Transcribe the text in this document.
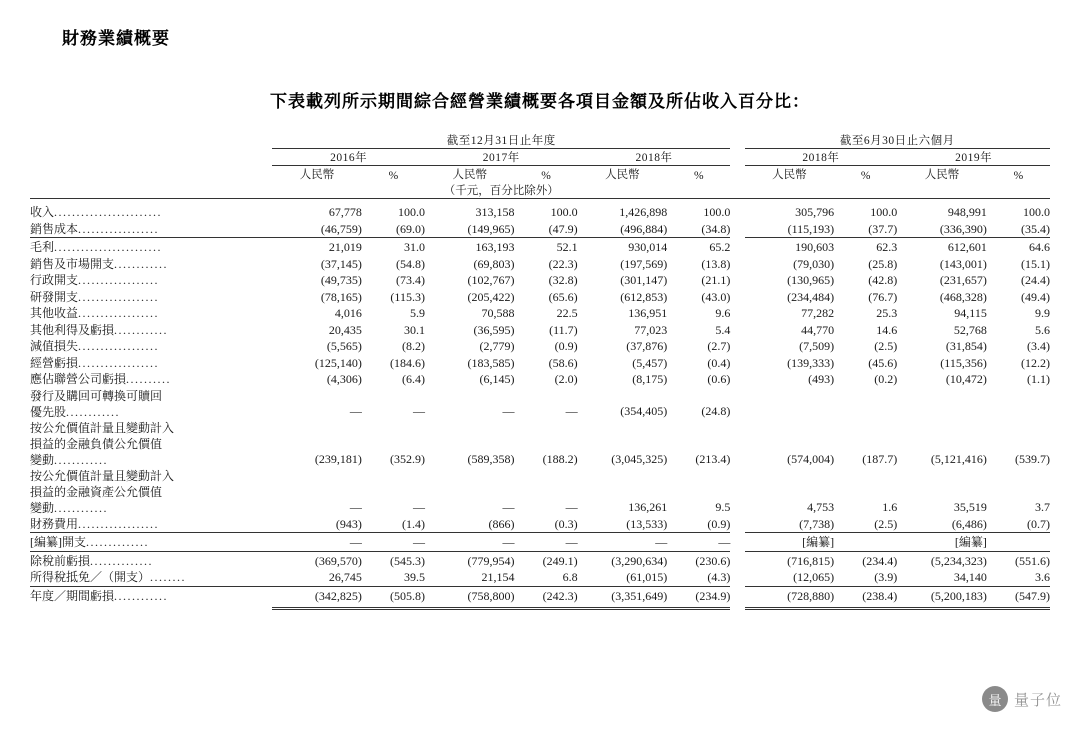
財務業績概要
下表載列所示期間綜合經營業績概要各項目金額及所佔收入百分比：
	截至12月31日止年度							截至6月30日止六個月			
	2016年		2017年		2018年			2018年		2019年	
	人民幣	%	人民幣	%	人民幣	%		人民幣	%	人民幣	%
	（千元，百分比除外）										

收入........................	67,778	100.0	313,158	100.0	1,426,898	100.0		305,796	100.0	948,991	100.0
銷售成本..................	(46,759)	(69.0)	(149,965)	(47.9)	(496,884)	(34.8)		(115,193)	(37.7)	(336,390)	(35.4)

毛利........................	21,019	31.0	163,193	52.1	930,014	65.2		190,603	62.3	612,601	64.6
銷售及市場開支............	(37,145)	(54.8)	(69,803)	(22.3)	(197,569)	(13.8)		(79,030)	(25.8)	(143,001)	(15.1)
行政開支..................	(49,735)	(73.4)	(102,767)	(32.8)	(301,147)	(21.1)		(130,965)	(42.8)	(231,657)	(24.4)
研發開支..................	(78,165)	(115.3)	(205,422)	(65.6)	(612,853)	(43.0)		(234,484)	(76.7)	(468,328)	(49.4)
其他收益..................	4,016	5.9	70,588	22.5	136,951	9.6		77,282	25.3	94,115	9.9
其他利得及虧損............	20,435	30.1	(36,595)	(11.7)	77,023	5.4		44,770	14.6	52,768	5.6
減值損失..................	(5,565)	(8.2)	(2,779)	(0.9)	(37,876)	(2.7)		(7,509)	(2.5)	(31,854)	(3.4)
經營虧損..................	(125,140)	(184.6)	(183,585)	(58.6)	(5,457)	(0.4)		(139,333)	(45.6)	(115,356)	(12.2)
應佔聯營公司虧損..........	(4,306)	(6.4)	(6,145)	(2.0)	(8,175)	(0.6)		(493)	(0.2)	(10,472)	(1.1)

發行及購回可轉換可贖回
優先股............	—	—	—	—	(354,405)	(24.8)					

按公允價值計量且變動計入
損益的金融負債公允價值
變動............	(239,181)	(352.9)	(589,358)	(188.2)	(3,045,325)	(213.4)		(574,004)	(187.7)	(5,121,416)	(539.7)

按公允價值計量且變動計入
損益的金融資產公允價值
變動............	—	—	—	—	136,261	9.5		4,753	1.6	35,519	3.7
財務費用..................	(943)	(1.4)	(866)	(0.3)	(13,533)	(0.9)		(7,738)	(2.5)	(6,486)	(0.7)

[編纂]開支..............	—	—	—	—	—	—		[編纂]		[編纂]	

除稅前虧損..............	(369,570)	(545.3)	(779,954)	(249.1)	(3,290,634)	(230.6)		(716,815)	(234.4)	(5,234,323)	(551.6)
所得稅抵免／（開支）........	26,745	39.5	21,154	6.8	(61,015)	(4.3)		(12,065)	(3.9)	34,140	3.6

年度／期間虧損............	(342,825)	(505.8)	(758,800)	(242.3)	(3,351,649)	(234.9)		(728,880)	(238.4)	(5,200,183)	(547.9)

量 量子位
